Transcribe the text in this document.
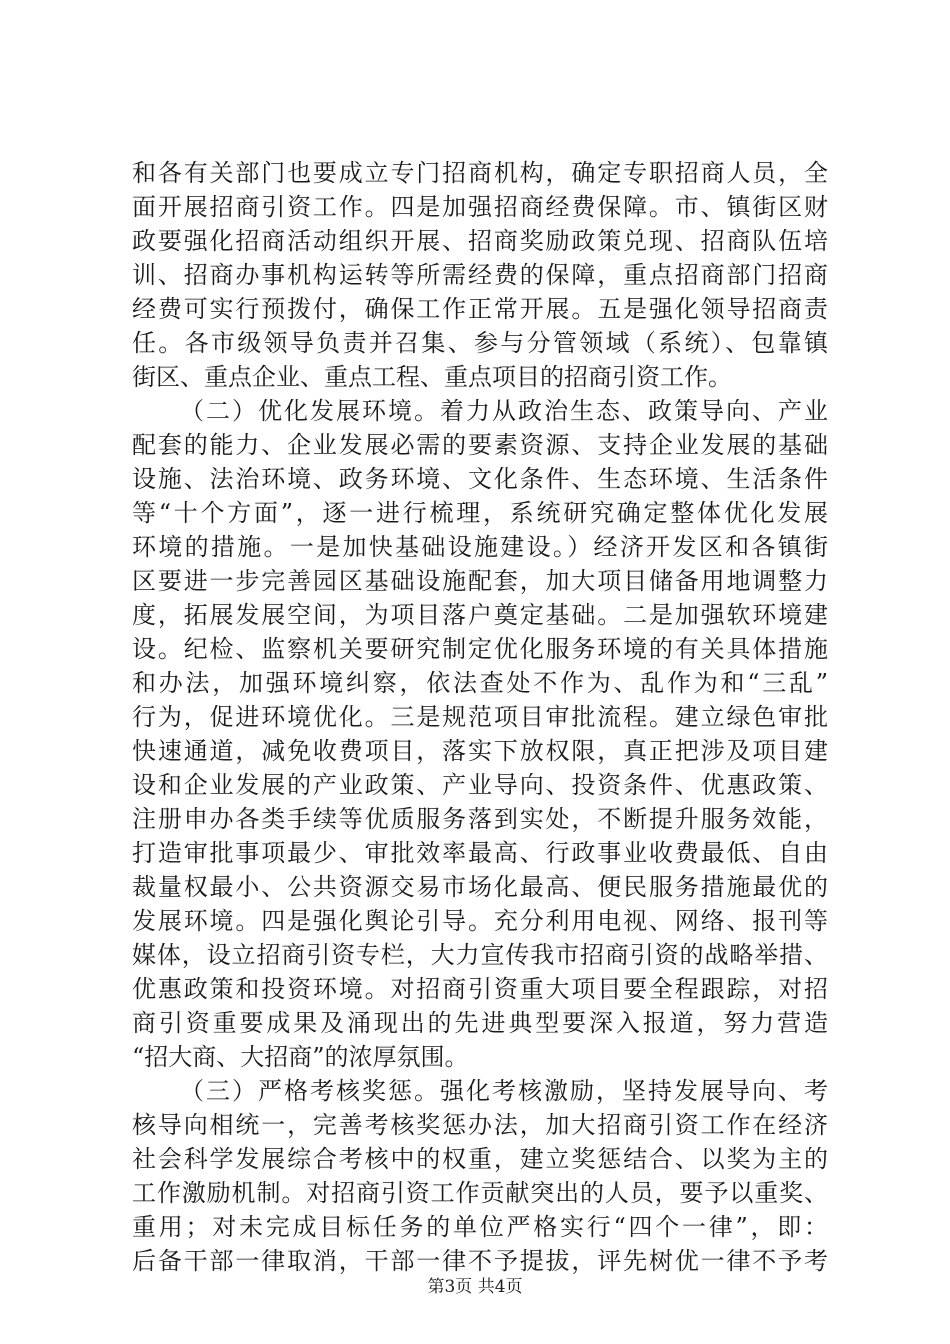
和各有关部门也要成立专门招商机构，确定专职招商人员，全
面开展招商引资工作。四是加强招商经费保障。市、镇街区财
政要强化招商活动组织开展、招商奖励政策兑现、招商队伍培
训、招商办事机构运转等所需经费的保障，重点招商部门招商
经费可实行预拨付，确保工作正常开展。五是强化领导招商责
任。各市级领导负责并召集、参与分管领域（系统）、包靠镇
街区、重点企业、重点工程、重点项目的招商引资工作。
（二）优化发展环境。着力从政治生态、政策导向、产业
配套的能力、企业发展必需的要素资源、支持企业发展的基础
设施、法治环境、政务环境、文化条件、生态环境、生活条件
等“十个方面”，逐一进行梳理，系统研究确定整体优化发展
环境的措施。一是加快基础设施建设。）经济开发区和各镇街
区要进一步完善园区基础设施配套，加大项目储备用地调整力
度，拓展发展空间，为项目落户奠定基础。二是加强软环境建
设。纪检、监察机关要研究制定优化服务环境的有关具体措施
和办法，加强环境纠察，依法查处不作为、乱作为和“三乱”
行为，促进环境优化。三是规范项目审批流程。建立绿色审批
快速通道，减免收费项目，落实下放权限，真正把涉及项目建
设和企业发展的产业政策、产业导向、投资条件、优惠政策、
注册申办各类手续等优质服务落到实处，不断提升服务效能，
打造审批事项最少、审批效率最高、行政事业收费最低、自由
裁量权最小、公共资源交易市场化最高、便民服务措施最优的
发展环境。四是强化舆论引导。充分利用电视、网络、报刊等
媒体，设立招商引资专栏，大力宣传我市招商引资的战略举措、
优惠政策和投资环境。对招商引资重大项目要全程跟踪，对招
商引资重要成果及涌现出的先进典型要深入报道，努力营造
“招大商、大招商”的浓厚氛围。
（三）严格考核奖惩。强化考核激励，坚持发展导向、考
核导向相统一，完善考核奖惩办法，加大招商引资工作在经济
社会科学发展综合考核中的权重，建立奖惩结合、以奖为主的
工作激励机制。对招商引资工作贡献突出的人员，要予以重奖、
重用；对未完成目标任务的单位严格实行“四个一律”，即：
后备干部一律取消，干部一律不予提拔，评先树优一律不予考
第3页 共4页
